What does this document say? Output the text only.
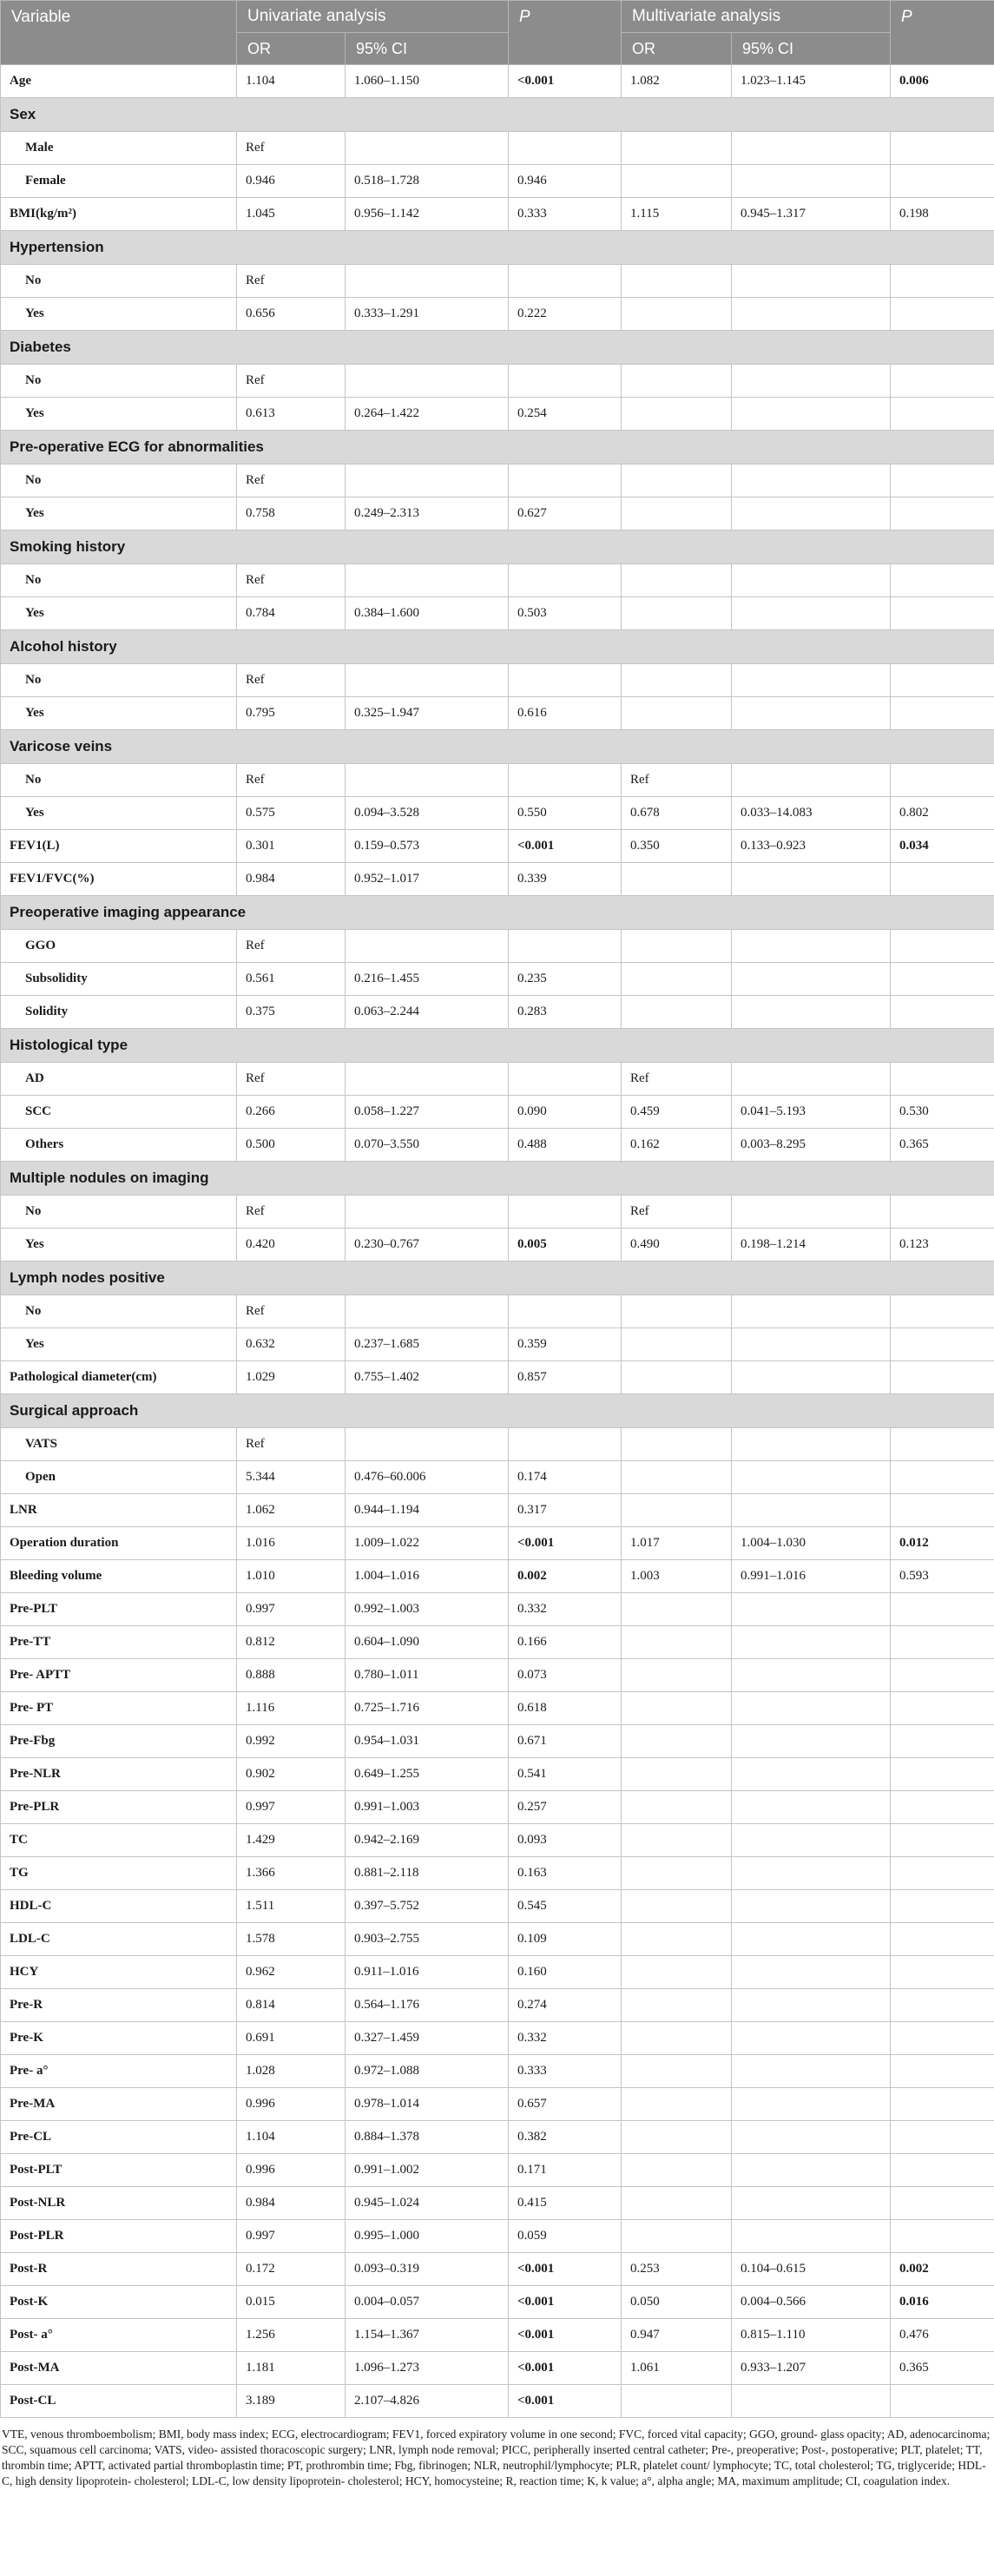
Variable	Univariate analysis		P	Multivariate analysis		P
	OR	95% CI		OR	95% CI	
Age	1.104	1.060–1.150	<0.001	1.082	1.023–1.145	0.006
Sex						
Male	Ref					
Female	0.946	0.518–1.728	0.946			
BMI(kg/m²)	1.045	0.956–1.142	0.333	1.115	0.945–1.317	0.198
Hypertension						
No	Ref					
Yes	0.656	0.333–1.291	0.222			
Diabetes						
No	Ref					
Yes	0.613	0.264–1.422	0.254			
Pre-operative ECG for abnormalities						
No	Ref					
Yes	0.758	0.249–2.313	0.627			
Smoking history						
No	Ref					
Yes	0.784	0.384–1.600	0.503			
Alcohol history						
No	Ref					
Yes	0.795	0.325–1.947	0.616			
Varicose veins						
No	Ref			Ref		
Yes	0.575	0.094–3.528	0.550	0.678	0.033–14.083	0.802
FEV1(L)	0.301	0.159–0.573	<0.001	0.350	0.133–0.923	0.034
FEV1/FVC(%)	0.984	0.952–1.017	0.339			
Preoperative imaging appearance						
GGO	Ref					
Subsolidity	0.561	0.216–1.455	0.235			
Solidity	0.375	0.063–2.244	0.283			
Histological type						
AD	Ref			Ref		
SCC	0.266	0.058–1.227	0.090	0.459	0.041–5.193	0.530
Others	0.500	0.070–3.550	0.488	0.162	0.003–8.295	0.365
Multiple nodules on imaging						
No	Ref			Ref		
Yes	0.420	0.230–0.767	0.005	0.490	0.198–1.214	0.123
Lymph nodes positive						
No	Ref					
Yes	0.632	0.237–1.685	0.359			
Pathological diameter(cm)	1.029	0.755–1.402	0.857			
Surgical approach						
VATS	Ref					
Open	5.344	0.476–60.006	0.174			
LNR	1.062	0.944–1.194	0.317			
Operation duration	1.016	1.009–1.022	<0.001	1.017	1.004–1.030	0.012
Bleeding volume	1.010	1.004–1.016	0.002	1.003	0.991–1.016	0.593
Pre-PLT	0.997	0.992–1.003	0.332			
Pre-TT	0.812	0.604–1.090	0.166			
Pre- APTT	0.888	0.780–1.011	0.073			
Pre- PT	1.116	0.725–1.716	0.618			
Pre-Fbg	0.992	0.954–1.031	0.671			
Pre-NLR	0.902	0.649–1.255	0.541			
Pre-PLR	0.997	0.991–1.003	0.257			
TC	1.429	0.942–2.169	0.093			
TG	1.366	0.881–2.118	0.163			
HDL-C	1.511	0.397–5.752	0.545			
LDL-C	1.578	0.903–2.755	0.109			
HCY	0.962	0.911–1.016	0.160			
Pre-R	0.814	0.564–1.176	0.274			
Pre-K	0.691	0.327–1.459	0.332			
Pre- a°	1.028	0.972–1.088	0.333			
Pre-MA	0.996	0.978–1.014	0.657			
Pre-CL	1.104	0.884–1.378	0.382			
Post-PLT	0.996	0.991–1.002	0.171			
Post-NLR	0.984	0.945–1.024	0.415			
Post-PLR	0.997	0.995–1.000	0.059			
Post-R	0.172	0.093–0.319	<0.001	0.253	0.104–0.615	0.002
Post-K	0.015	0.004–0.057	<0.001	0.050	0.004–0.566	0.016
Post- a°	1.256	1.154–1.367	<0.001	0.947	0.815–1.110	0.476
Post-MA	1.181	1.096–1.273	<0.001	1.061	0.933–1.207	0.365
Post-CL	3.189	2.107–4.826	<0.001			
VTE, venous thromboembolism; BMI, body mass index; ECG, electrocardiogram; FEV1, forced expiratory volume in one second; FVC, forced vital capacity; GGO, ground- glass opacity; AD, adenocarcinoma; SCC, squamous cell carcinoma; VATS, video- assisted thoracoscopic surgery; LNR, lymph node removal; PICC, peripherally inserted central catheter; Pre-, preoperative; Post-, postoperative; PLT, platelet; TT, thrombin time; APTT, activated partial thromboplastin time; PT, prothrombin time; Fbg, fibrinogen; NLR, neutrophil/lymphocyte; PLR, platelet count/ lymphocyte; TC, total cholesterol; TG, triglyceride; HDL-C, high density lipoprotein- cholesterol; LDL-C, low density lipoprotein- cholesterol; HCY, homocysteine; R, reaction time; K, k value; a°, alpha angle; MA, maximum amplitude; CI, coagulation index.
